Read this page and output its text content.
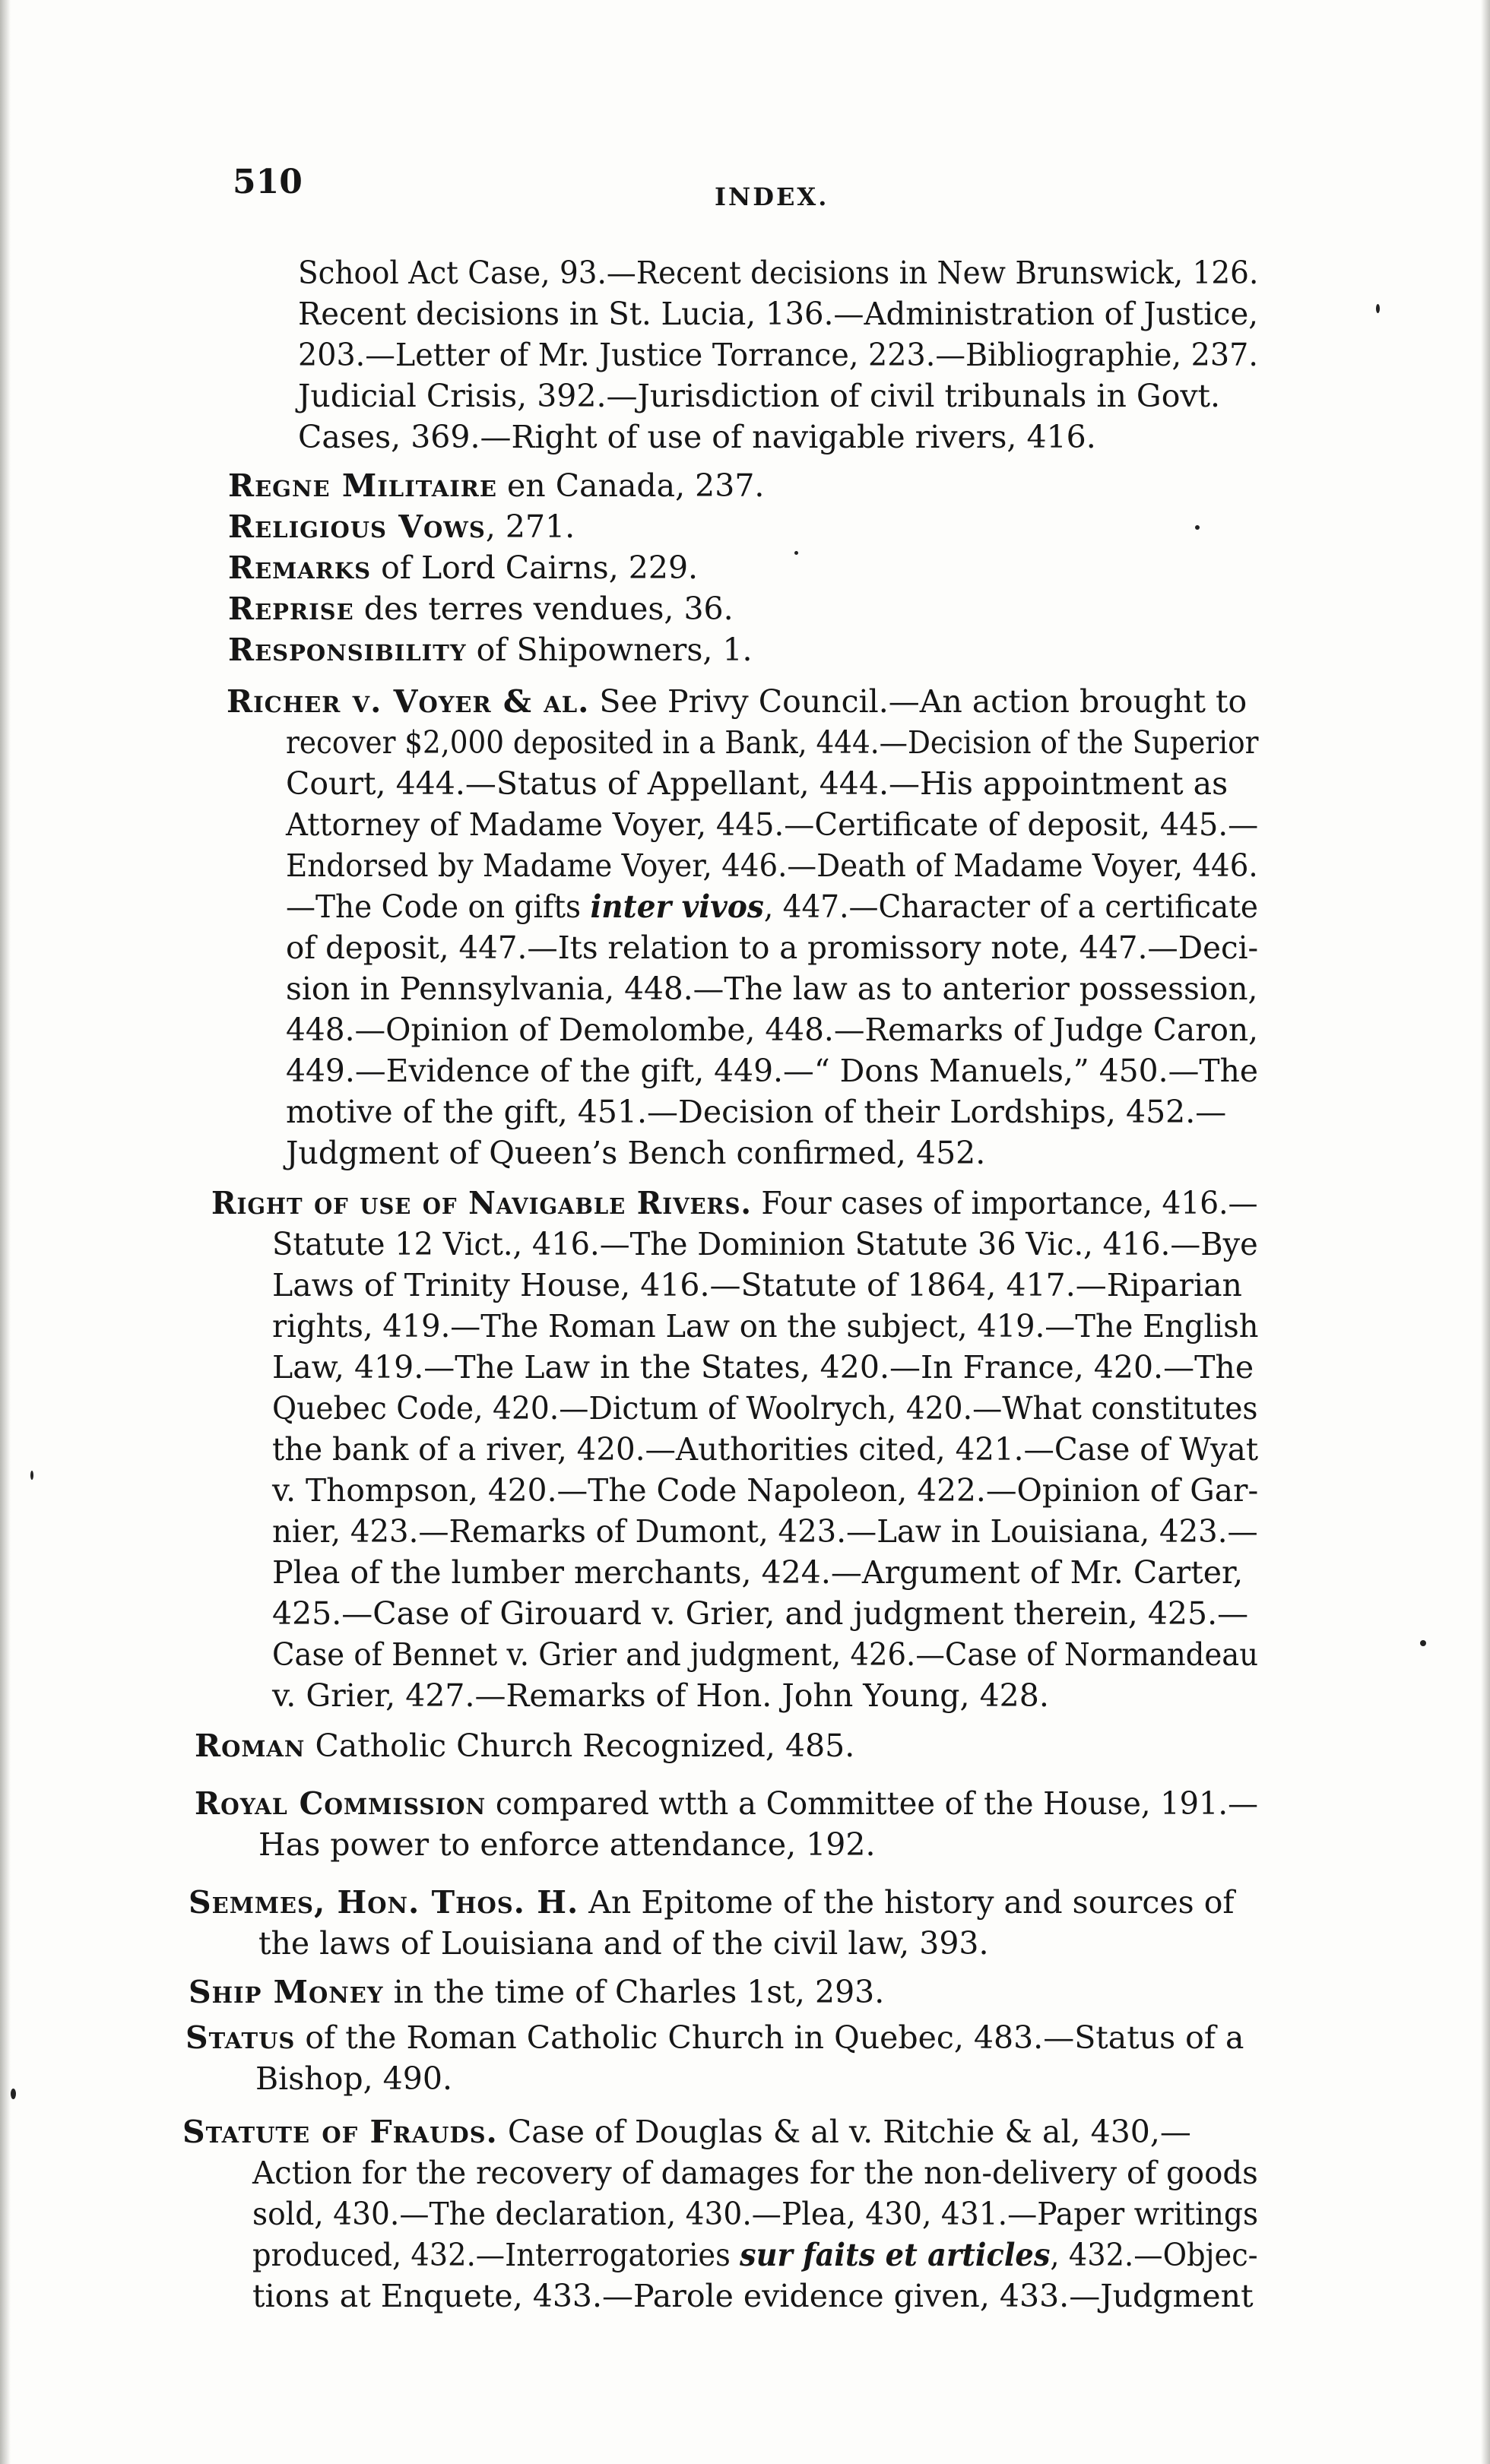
510	INDEX.
School Act Case, 93.—Recent decisions in New Brunswick, 126.
Recent decisions in St. Lucia, 136.—Administration of Justice,
203.—Letter of Mr. Justice Torrance, 223.—Bibliographie, 237.
Judicial Crisis, 392.—Jurisdiction of civil tribunals in Govt.
Cases, 369.—Right of use of navigable rivers, 416.
Regne Militaire en Canada, 237.
Religious Vows, 271.
Remarks of Lord Cairns, 229.
Reprise des terres vendues, 36.
Responsibility of Shipowners, 1.
Richer v. Voyer & al. See Privy Council.—An action brought to
recover $2,000 deposited in a Bank, 444.—Decision of the Superior
Court, 444.—Status of Appellant, 444.—His appointment as
Attorney of Madame Voyer, 445.—Certificate of deposit, 445.—
Endorsed by Madame Voyer, 446.—Death of Madame Voyer, 446.
—The Code on gifts inter vivos, 447.—Character of a certificate
of deposit, 447.—Its relation to a promissory note, 447.—Deci-
sion in Pennsylvania, 448.—The law as to anterior possession,
448.—Opinion of Demolombe, 448.—Remarks of Judge Caron,
449.—Evidence of the gift, 449.—“ Dons Manuels,” 450.—The
motive of the gift, 451.—Decision of their Lordships, 452.—
Judgment of Queen’s Bench confirmed, 452.
Right of use of Navigable Rivers. Four cases of importance, 416.—
Statute 12 Vict., 416.—The Dominion Statute 36 Vic., 416.—Bye
Laws of Trinity House, 416.—Statute of 1864, 417.—Riparian
rights, 419.—The Roman Law on the subject, 419.—The English
Law, 419.—The Law in the States, 420.—In France, 420.—The
Quebec Code, 420.—Dictum of Woolrych, 420.—What constitutes
the bank of a river, 420.—Authorities cited, 421.—Case of Wyat
v. Thompson, 420.—The Code Napoleon, 422.—Opinion of Gar-
nier, 423.—Remarks of Dumont, 423.—Law in Louisiana, 423.—
Plea of the lumber merchants, 424.—Argument of Mr. Carter,
425.—Case of Girouard v. Grier, and judgment therein, 425.—
Case of Bennet v. Grier and judgment, 426.—Case of Normandeau
v. Grier, 427.—Remarks of Hon. John Young, 428.
Roman Catholic Church Recognized, 485.
Royal Commission compared wtth a Committee of the House, 191.—
Has power to enforce attendance, 192.
Semmes, Hon. Thos. H. An Epitome of the history and sources of
the laws of Louisiana and of the civil law, 393.
Ship Money in the time of Charles 1st, 293.
Status of the Roman Catholic Church in Quebec, 483.—Status of a
Bishop, 490.
Statute of Frauds. Case of Douglas & al v. Ritchie & al, 430,—
Action for the recovery of damages for the non-delivery of goods
sold, 430.—The declaration, 430.—Plea, 430, 431.—Paper writings
produced, 432.—Interrogatories sur faits et articles, 432.—Objec-
tions at Enquete, 433.—Parole evidence given, 433.—Judgment
